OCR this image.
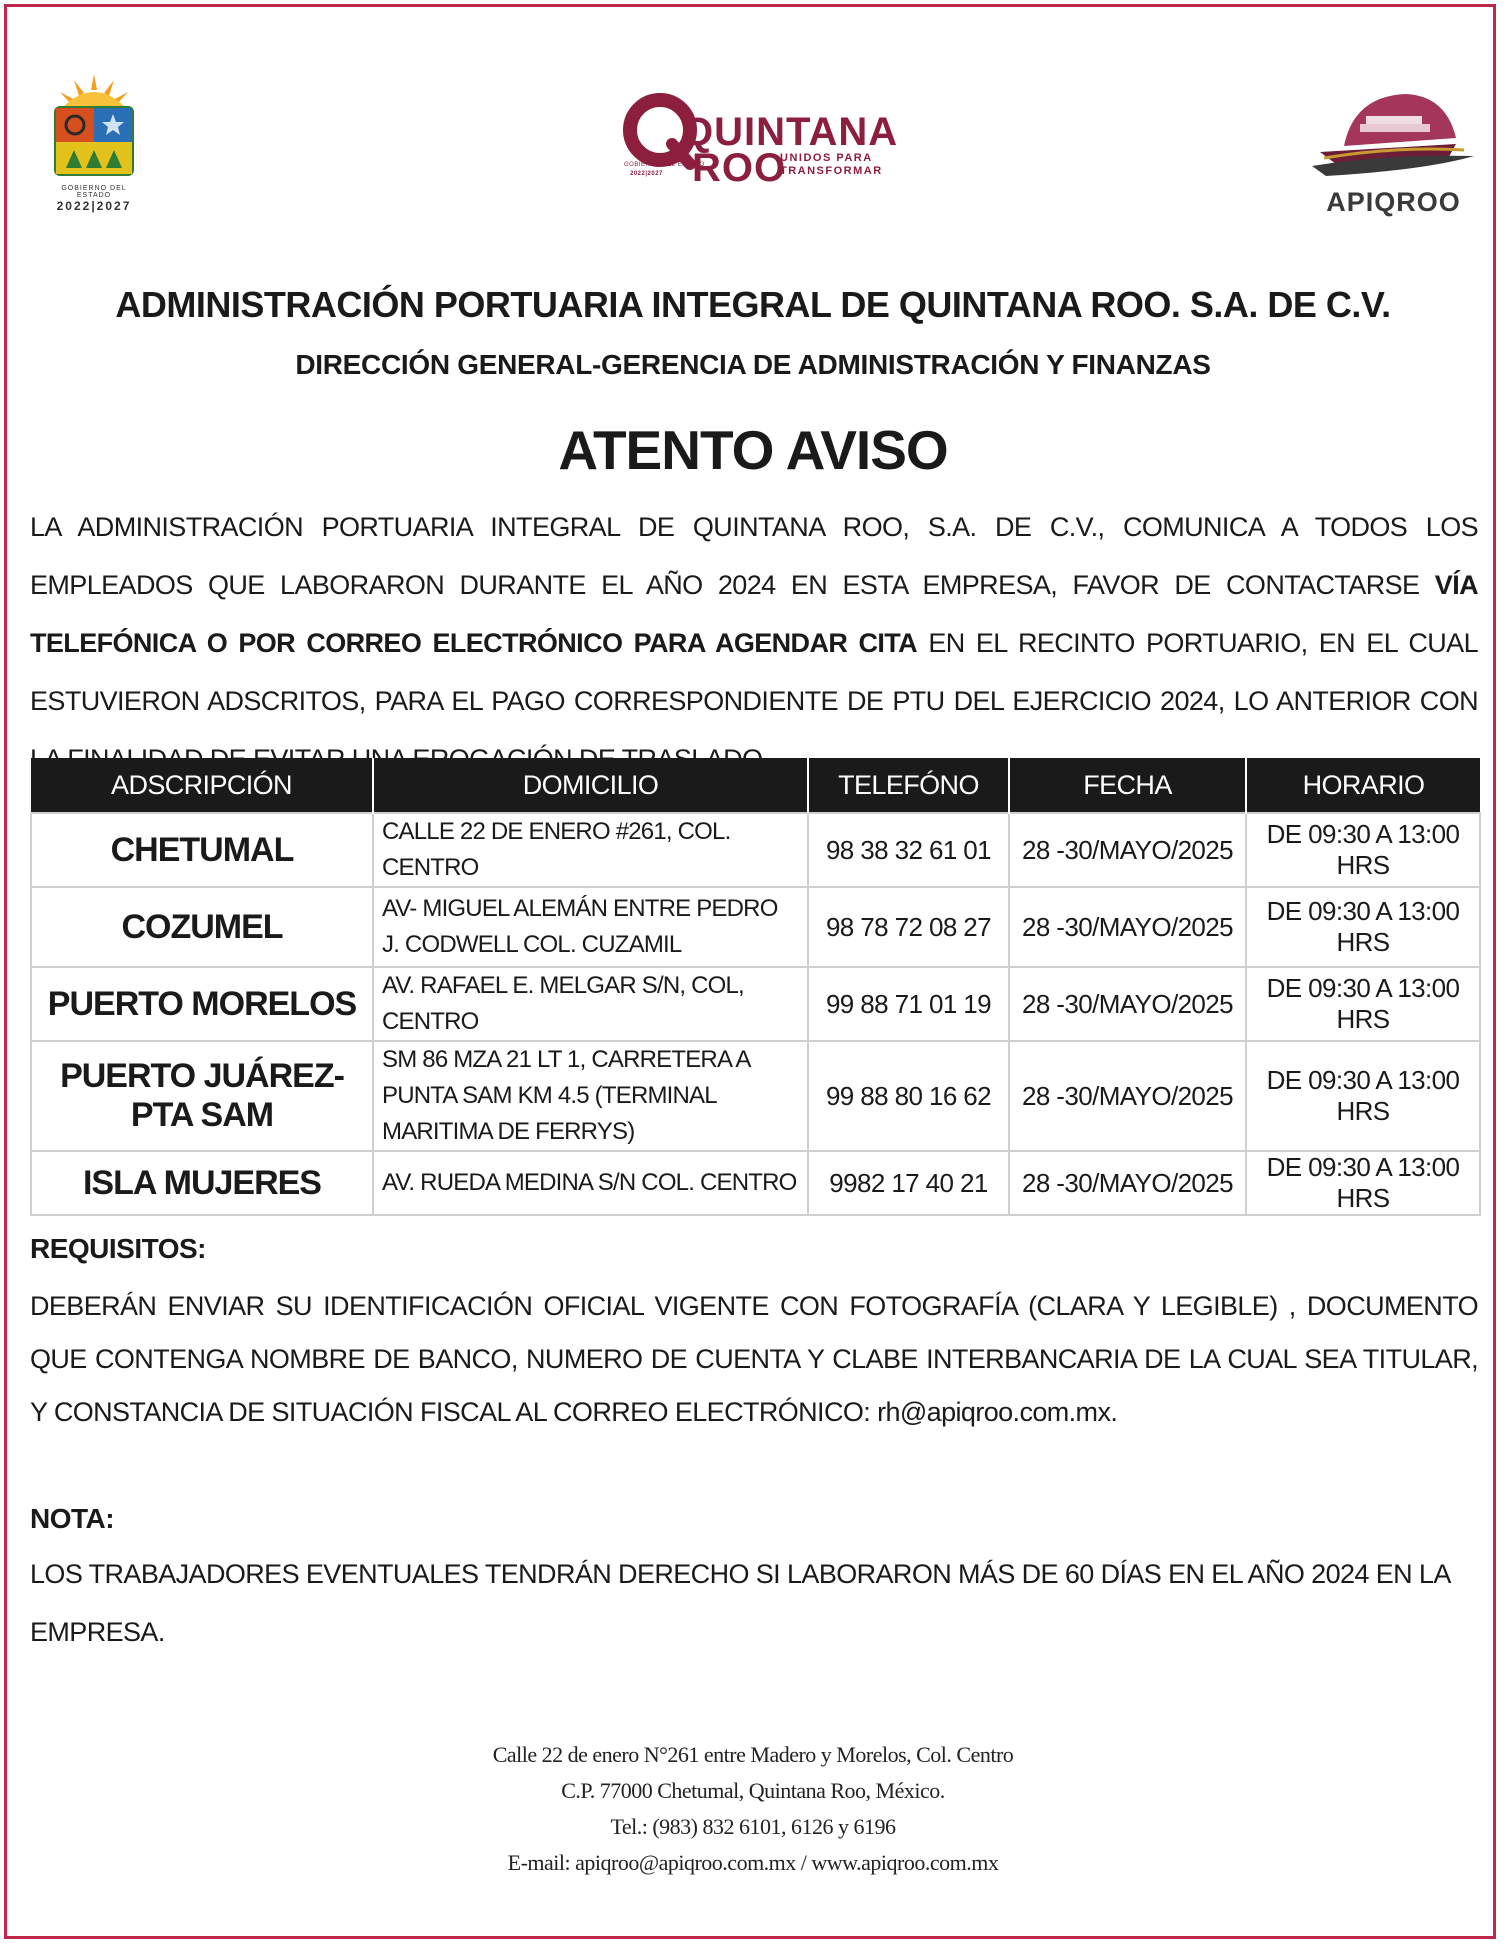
GOBIERNO DEL ESTADO
2022|2027
QUINTANA
ROO
UNIDOS PARA
TRANSFORMAR
GOBIERNO DEL ESTADO
2022|2027
APIQROO
ADMINISTRACIÓN PORTUARIA INTEGRAL DE QUINTANA ROO. S.A. DE C.V.
DIRECCIÓN GENERAL-GERENCIA DE ADMINISTRACIÓN Y FINANZAS
ATENTO AVISO
LA ADMINISTRACIÓN PORTUARIA INTEGRAL DE QUINTANA ROO, S.A. DE C.V., COMUNICA A TODOS LOS EMPLEADOS QUE LABORARON DURANTE EL AÑO 2024 EN ESTA EMPRESA, FAVOR DE CONTACTARSE VÍA TELEFÓNICA O POR CORREO ELECTRÓNICO PARA AGENDAR CITA EN EL RECINTO PORTUARIO, EN EL CUAL ESTUVIERON ADSCRITOS, PARA EL PAGO CORRESPONDIENTE DE PTU DEL EJERCICIO 2024, LO ANTERIOR CON
ADSCRIPCIÓN	DOMICILIO	TELEFÓNO	FECHA	HORARIO
CHETUMAL	CALLE 22 DE ENERO #261, COL. CENTRO	98 38 32 61 01	28 -30/MAYO/2025	DE 09:30 A 13:00 HRS
COZUMEL	AV- MIGUEL ALEMÁN ENTRE PEDRO J. CODWELL COL. CUZAMIL	98 78 72 08 27	28 -30/MAYO/2025	DE 09:30 A 13:00 HRS
PUERTO MORELOS	AV. RAFAEL E. MELGAR S/N, COL, CENTRO	99 88 71 01 19	28 -30/MAYO/2025	DE 09:30 A 13:00 HRS
PUERTO JUÁREZ- PTA SAM	SM 86 MZA 21 LT 1, CARRETERA A PUNTA SAM KM 4.5 (TERMINAL MARITIMA DE FERRYS)	99 88 80 16 62	28 -30/MAYO/2025	DE 09:30 A 13:00 HRS
ISLA MUJERES	AV. RUEDA MEDINA S/N COL. CENTRO	9982 17 40 21	28 -30/MAYO/2025	DE 09:30 A 13:00 HRS
REQUISITOS:
DEBERÁN ENVIAR SU IDENTIFICACIÓN OFICIAL VIGENTE CON FOTOGRAFÍA (CLARA Y LEGIBLE) , DOCUMENTO QUE CONTENGA NOMBRE DE BANCO, NUMERO DE CUENTA Y CLABE INTERBANCARIA DE LA CUAL SEA TITULAR, Y CONSTANCIA DE SITUACIÓN FISCAL AL CORREO ELECTRÓNICO: rh@apiqroo.com.mx.
NOTA:
LOS TRABAJADORES EVENTUALES TENDRÁN DERECHO SI LABORARON MÁS DE 60 DÍAS EN EL AÑO 2024 EN LA EMPRESA.
Calle 22 de enero N°261 entre Madero y Morelos, Col. Centro
C.P. 77000 Chetumal, Quintana Roo, México.
Tel.: (983) 832 6101, 6126 y 6196
E-mail: apiqroo@apiqroo.com.mx / www.apiqroo.com.mx
